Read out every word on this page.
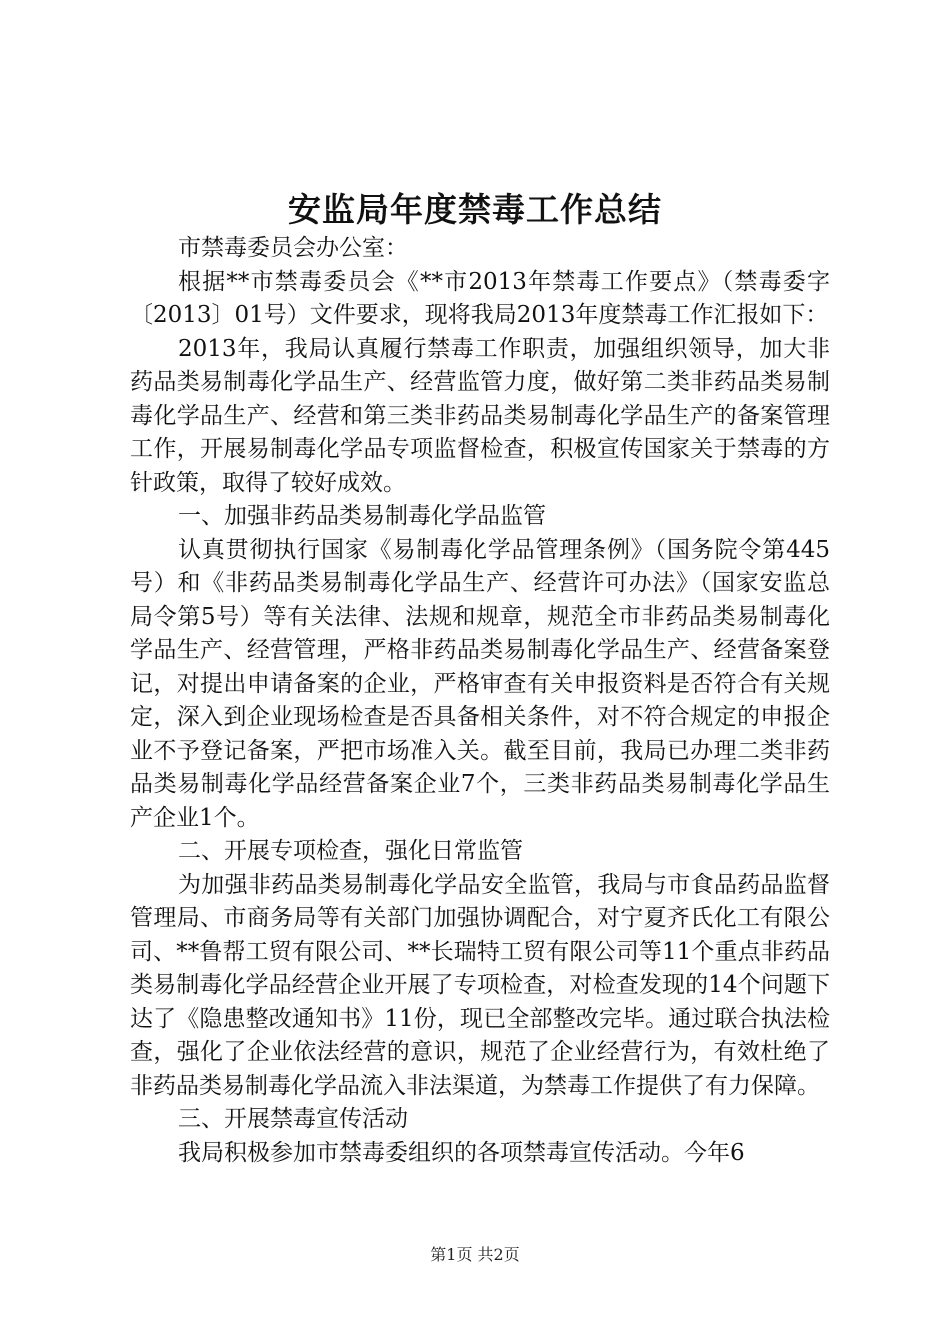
安监局年度禁毒工作总结

市禁毒委员会办公室：

根据**市禁毒委员会《**市2013年禁毒工作要点》（禁毒委字〔2013〕01号）文件要求，现将我局2013年度禁毒工作汇报如下：

2013年，我局认真履行禁毒工作职责，加强组织领导，加大非药品类易制毒化学品生产、经营监管力度，做好第二类非药品类易制毒化学品生产、经营和第三类非药品类易制毒化学品生产的备案管理工作，开展易制毒化学品专项监督检查，积极宣传国家关于禁毒的方针政策，取得了较好成效。

一、加强非药品类易制毒化学品监管

认真贯彻执行国家《易制毒化学品管理条例》（国务院令第445号）和《非药品类易制毒化学品生产、经营许可办法》（国家安监总局令第5号）等有关法律、法规和规章，规范全市非药品类易制毒化学品生产、经营管理，严格非药品类易制毒化学品生产、经营备案登记，对提出申请备案的企业，严格审查有关申报资料是否符合有关规定，深入到企业现场检查是否具备相关条件，对不符合规定的申报企业不予登记备案，严把市场准入关。截至目前，我局已办理二类非药品类易制毒化学品经营备案企业7个，三类非药品类易制毒化学品生产企业1个。

二、开展专项检查，强化日常监管

为加强非药品类易制毒化学品安全监管，我局与市食品药品监督管理局、市商务局等有关部门加强协调配合，对宁夏齐氏化工有限公司、**鲁帮工贸有限公司、**长瑞特工贸有限公司等11个重点非药品类易制毒化学品经营企业开展了专项检查，对检查发现的14个问题下达了《隐患整改通知书》11份，现已全部整改完毕。通过联合执法检查，强化了企业依法经营的意识，规范了企业经营行为，有效杜绝了非药品类易制毒化学品流入非法渠道，为禁毒工作提供了有力保障。

三、开展禁毒宣传活动

我局积极参加市禁毒委组织的各项禁毒宣传活动。今年6

第1页 共2页
